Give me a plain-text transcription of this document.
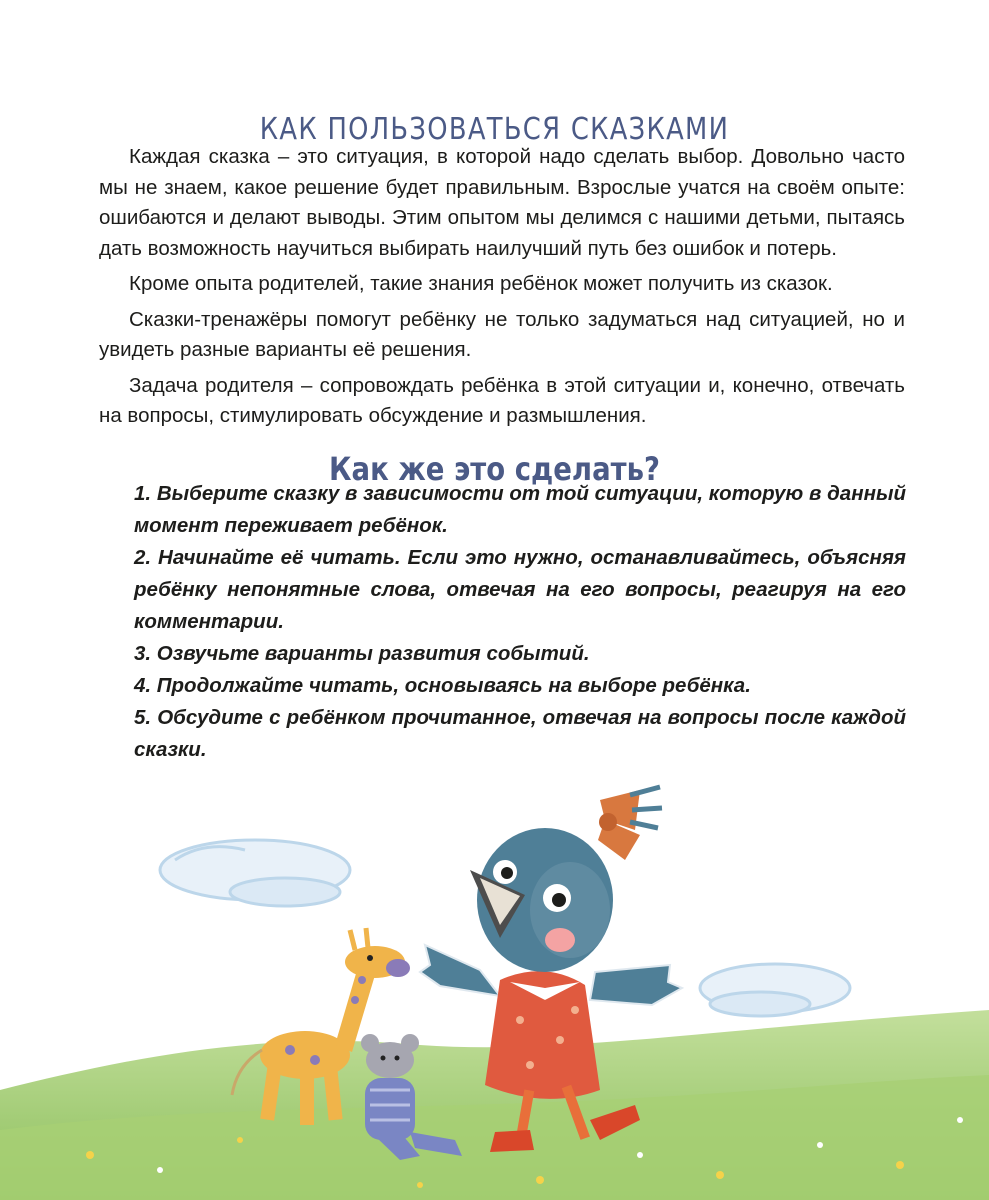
КАК ПОЛЬЗОВАТЬСЯ СКАЗКАМИ

Каждая сказка – это ситуация, в которой надо сделать выбор. Довольно часто мы не знаем, какое решение будет правильным. Взрослые учатся на своём опыте: ошибаются и делают выводы. Этим опытом мы делимся с нашими детьми, пытаясь дать возможность научиться выбирать наилучший путь без ошибок и потерь.

Кроме опыта родителей, такие знания ребёнок может получить из сказок.

Сказки-тренажёры помогут ребёнку не только задуматься над ситуацией, но и увидеть разные варианты её решения.

Задача родителя – сопровождать ребёнка в этой ситуации и, конечно, отвечать на вопросы, стимулировать обсуждение и размышления.

Как же это сделать?
1. Выберите сказку в зависимости от той ситуации, которую в данный момент переживает ребёнок.
2. Начинайте её читать. Если это нужно, останавливайтесь, объясняя ребёнку непонятные слова, отвечая на его вопросы, реагируя на его комментарии.
3. Озвучьте варианты развития событий.
4. Продолжайте читать, основываясь на выборе ребёнка.
5. Обсудите с ребёнком прочитанное, отвечая на вопросы после каждой сказки.
